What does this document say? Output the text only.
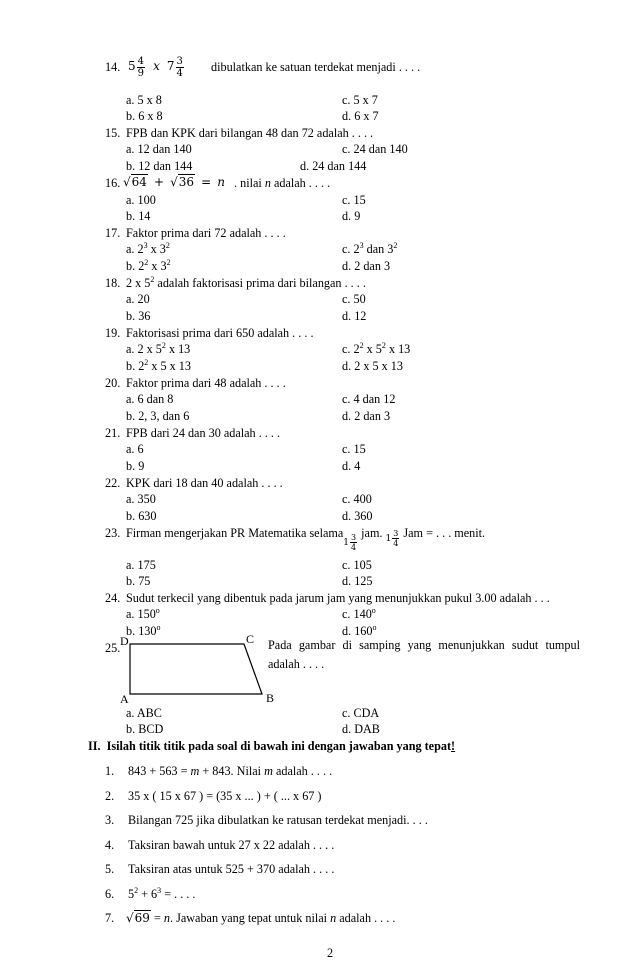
14. $5 \frac{4}{9}$ x $7 \frac{3}{4}$ dibulatkan ke satuan terdekat menjadi . . . .
a. 5 x 8	c. 5 x 7
b. 6 x 8	d. 6 x 7
15. FPB dan KPK dari bilangan 48 dan 72 adalah . . . .
a. 12 dan 140	c. 24 dan 140
b. 12 dan 144	d. 24 dan 144
16. √64 + √36 = n . nilai n adalah . . . .
a. 100	c. 15
b. 14	d. 9
17. Faktor prima dari 72 adalah . . . .
a. $2^3$ x $3^2$	c. $2^3$ dan $3^2$
b. $2^2$ x $3^2$	d. 2 dan 3
18. 2 x $5^2$ adalah faktorisasi prima dari bilangan . . . .
a. 20	c. 50
b. 36	d. 12
19. Faktorisasi prima dari 650 adalah . . . .
a. 2 x $5^2$ x 13	c. $2^2$ x $5^2$ x 13
b. $2^2$ x 5 x 13	d. 2 x 5 x 13
20. Faktor prima dari 48 adalah . . . .
a. 6 dan 8	c. 4 dan 12
b. 2, 3, dan 6	d. 2 dan 3
21. FPB dari 24 dan 30 adalah . . . .
a. 6	c. 15
b. 9	d. 4
22. KPK dari 18 dan 40 adalah . . . .
a. 350	c. 400
b. 630	d. 360
23. Firman mengerjakan PR Matematika selama1 $\frac{3}{4}$ jam. $1 \frac{3}{4}$ Jam = . . . menit.
a. 175	c. 105
b. 75	d. 125
24. Sudut terkecil yang dibentuk pada jarum jam yang menunjukkan pukul 3.00 adalah . . .
a. 150$^o$	c. 140$^o$
b. 130$^o$	d. 160$^o$
25. D	C
A	B
Pada gambar di samping yang menunjukkan sudut tumpul adalah . . . .
a. ABC	c. CDA
b. BCD	d. DAB
II. Isilah titik titik pada soal di bawah ini dengan jawaban yang tepat!
1. 843 + 563 = m + 843. Nilai m adalah . . . .
2. 35 x ( 15 x 67 ) = (35 x ... ) + ( ... x 67 )
3. Bilangan 725 jika dibulatkan ke ratusan terdekat menjadi. . . .
4. Taksiran bawah untuk 27 x 22 adalah . . . .
5. Taksiran atas untuk 525 + 370 adalah . . . .
6. $5^2 + 6^3$ = . . . .
7. √69 = n. Jawaban yang tepat untuk nilai n adalah . . . .
2
